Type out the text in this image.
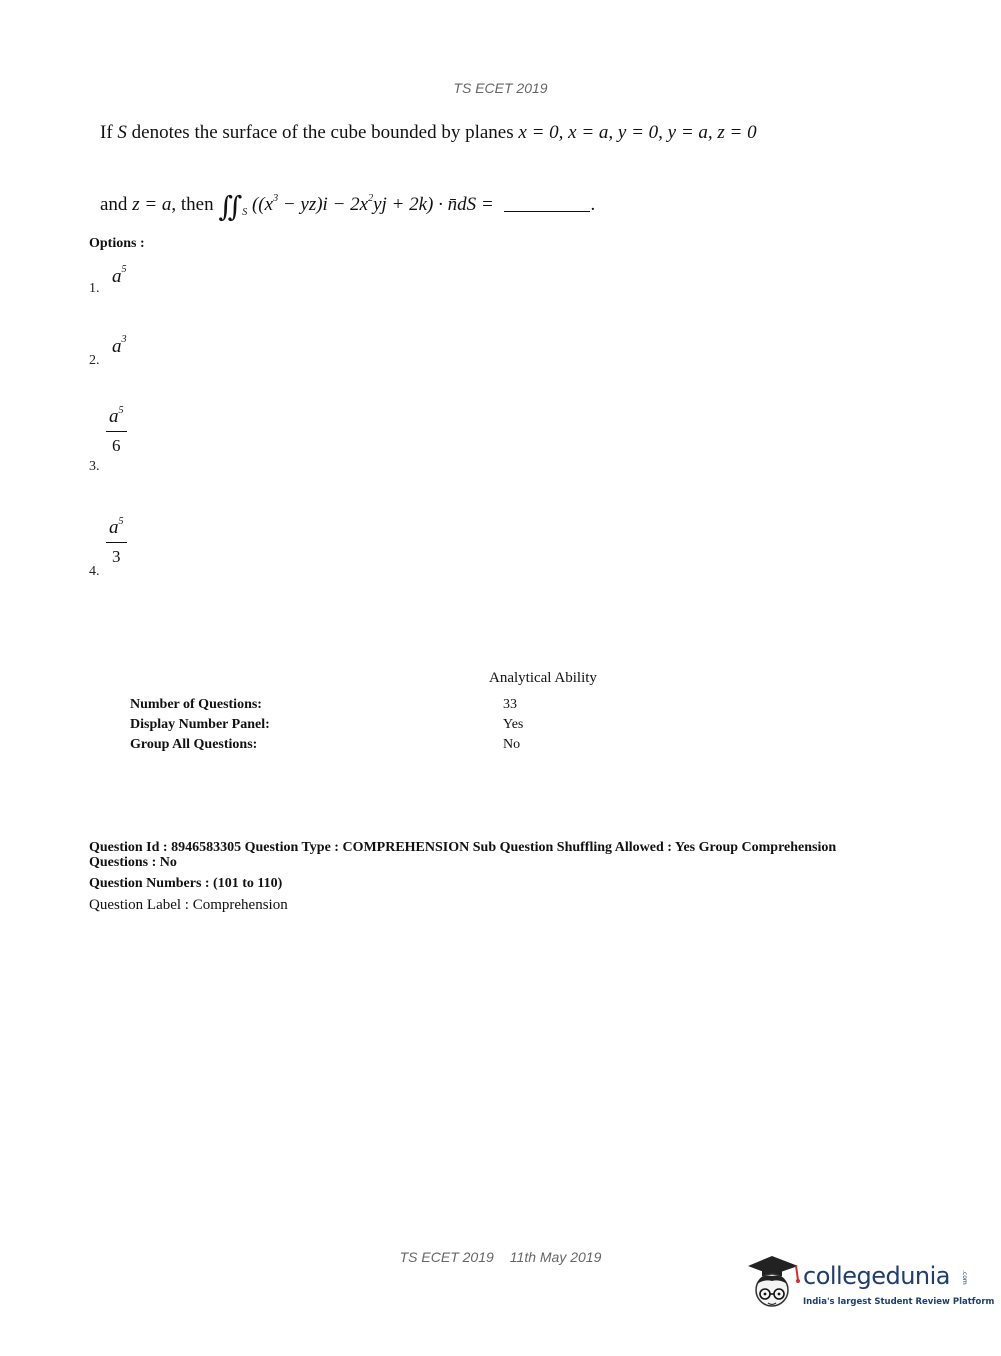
TS ECET 2019
If S denotes the surface of the cube bounded by planes x = 0, x = a, y = 0, y = a, z = 0
and z = a, then ∬ $_S$ $((x^3 - yz)i - 2x^2yj + 2k)$ · n̄dS =	.
Options :
1.
$a^5$
2.
$a^3$
3.
$\frac{a^5}{6}$
4.
$\frac{a^5}{3}$
Analytical Ability
Number of Questions:	33
Display Number Panel:	Yes
Group All Questions:	No
Question Id : 8946583305 Question Type : COMPREHENSION Sub Question Shuffling Allowed : Yes Group Comprehension Questions : No
Question Numbers : (101 to 110)
Question Label : Comprehension
TS ECET 2019 11th May 2019
collegedunia .com
India's largest Student Review Platform
